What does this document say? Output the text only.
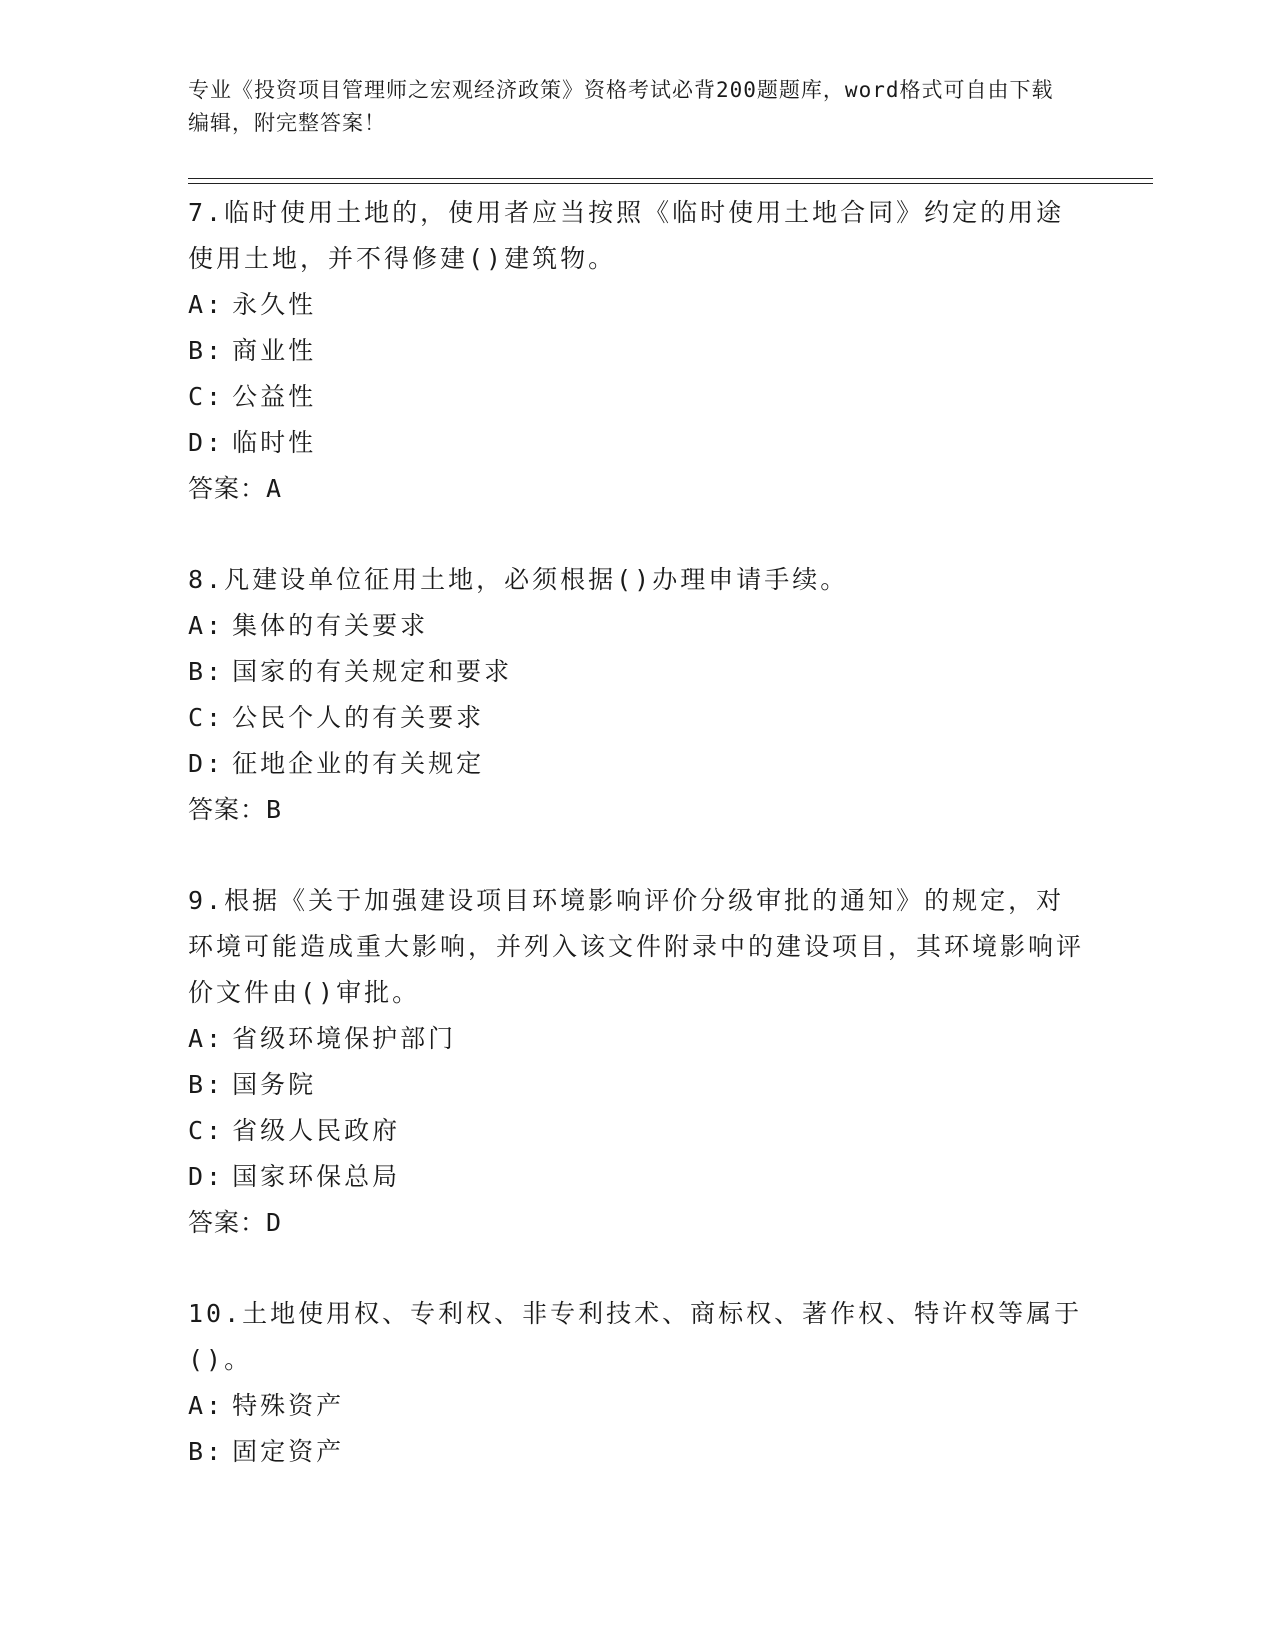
专业《投资项目管理师之宏观经济政策》资格考试必背200题题库，word格式可自由下载编辑，附完整答案！

7.临时使用土地的，使用者应当按照《临时使用土地合同》约定的用途使用土地，并不得修建()建筑物。

A: 永久性

B: 商业性

C: 公益性

D: 临时性

答案：A

8.凡建设单位征用土地，必须根据()办理申请手续。

A: 集体的有关要求

B: 国家的有关规定和要求

C: 公民个人的有关要求

D: 征地企业的有关规定

答案：B

9.根据《关于加强建设项目环境影响评价分级审批的通知》的规定，对环境可能造成重大影响，并列入该文件附录中的建设项目，其环境影响评价文件由()审批。

A: 省级环境保护部门

B: 国务院

C: 省级人民政府

D: 国家环保总局

答案：D

10.土地使用权、专利权、非专利技术、商标权、著作权、特许权等属于()。

A: 特殊资产

B: 固定资产
